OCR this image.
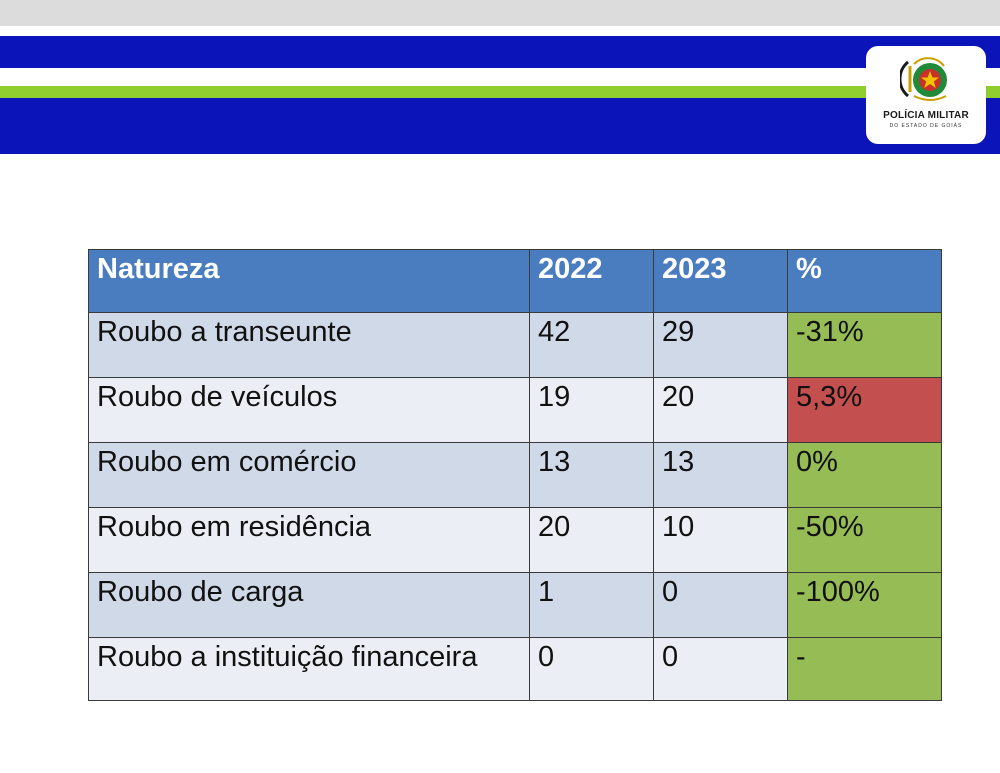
POLÍCIA MILITAR
DO ESTADO DE GOIÁS
Natureza	2022	2023	%
Roubo a transeunte	42	29	-31%
Roubo de veículos	19	20	5,3%
Roubo em comércio	13	13	0%
Roubo em residência	20	10	-50%
Roubo de carga	1	0	-100%
Roubo a instituição financeira	0	0	-
